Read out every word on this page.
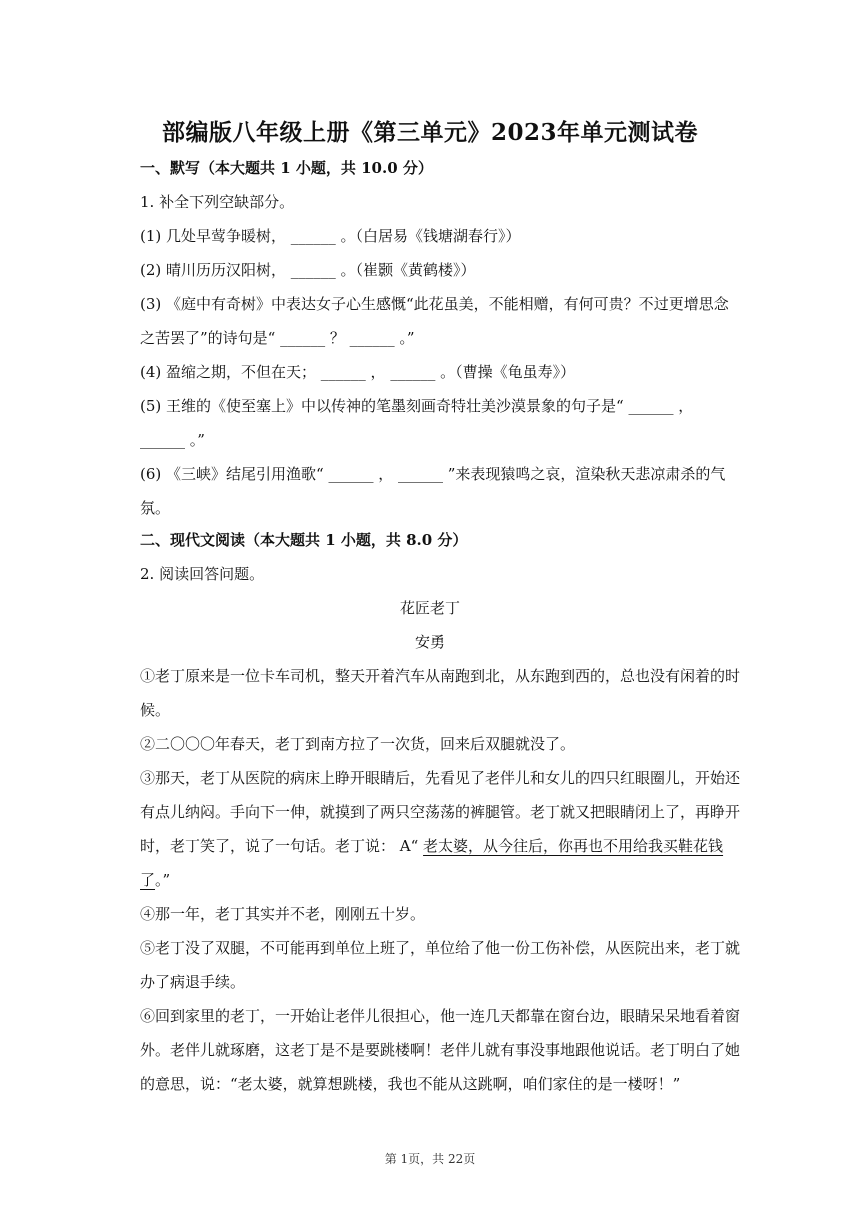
部编版八年级上册《第三单元》2023年单元测试卷
一、默写（本大题共 1 小题，共 10.0 分）
1. 补全下列空缺部分。
(1) 几处早莺争暖树， ______ 。（白居易《钱塘湖春行》）
(2) 晴川历历汉阳树， ______ 。（崔颢《黄鹤楼》）
(3) 《庭中有奇树》中表达女子心生感慨“此花虽美，不能相赠，有何可贵？不过更增思念
之苦罢了”的诗句是“ ______ ？ ______ 。”
(4) 盈缩之期，不但在天； ______ ， ______ 。（曹操《龟虽寿》）
(5) 王维的《使至塞上》中以传神的笔墨刻画奇特壮美沙漠景象的句子是“ ______ ，
______ 。”
(6) 《三峡》结尾引用渔歌“ ______ ， ______ ”来表现猿鸣之哀，渲染秋天悲凉肃杀的气
氛。
二、现代文阅读（本大题共 1 小题，共 8.0 分）
2. 阅读回答问题。
花匠老丁
安勇
①老丁原来是一位卡车司机，整天开着汽车从南跑到北，从东跑到西的，总也没有闲着的时
候。
②二〇〇〇年春天，老丁到南方拉了一次货，回来后双腿就没了。
③那天，老丁从医院的病床上睁开眼睛后，先看见了老伴儿和女儿的四只红眼圈儿，开始还
有点儿纳闷。手向下一伸，就摸到了两只空荡荡的裤腿管。老丁就又把眼睛闭上了，再睁开
时，老丁笑了，说了一句话。老丁说： A“ 老太婆，从今往后，你再也不用给我买鞋花钱
了。”
④那一年，老丁其实并不老，刚刚五十岁。
⑤老丁没了双腿，不可能再到单位上班了，单位给了他一份工伤补偿，从医院出来，老丁就
办了病退手续。
⑥回到家里的老丁，一开始让老伴儿很担心，他一连几天都靠在窗台边，眼睛呆呆地看着窗
外。老伴儿就琢磨，这老丁是不是要跳楼啊！老伴儿就有事没事地跟他说话。老丁明白了她
的意思，说：“老太婆，就算想跳楼，我也不能从这跳啊，咱们家住的是一楼呀！”
第 1页，共 22页
